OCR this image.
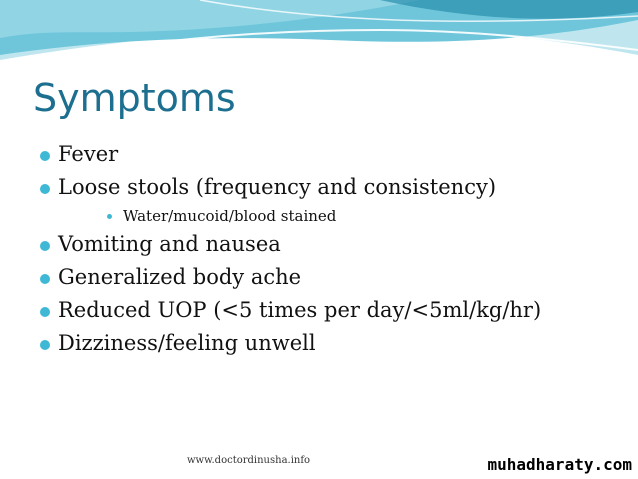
Symptoms
Fever
Loose stools (frequency and consistency)
Water/mucoid/blood stained
Vomiting and nausea
Generalized body ache
Reduced UOP (<5 times per day/<5ml/kg/hr)
Dizziness/feeling unwell
www.doctordinusha.info	muhadharaty.com
